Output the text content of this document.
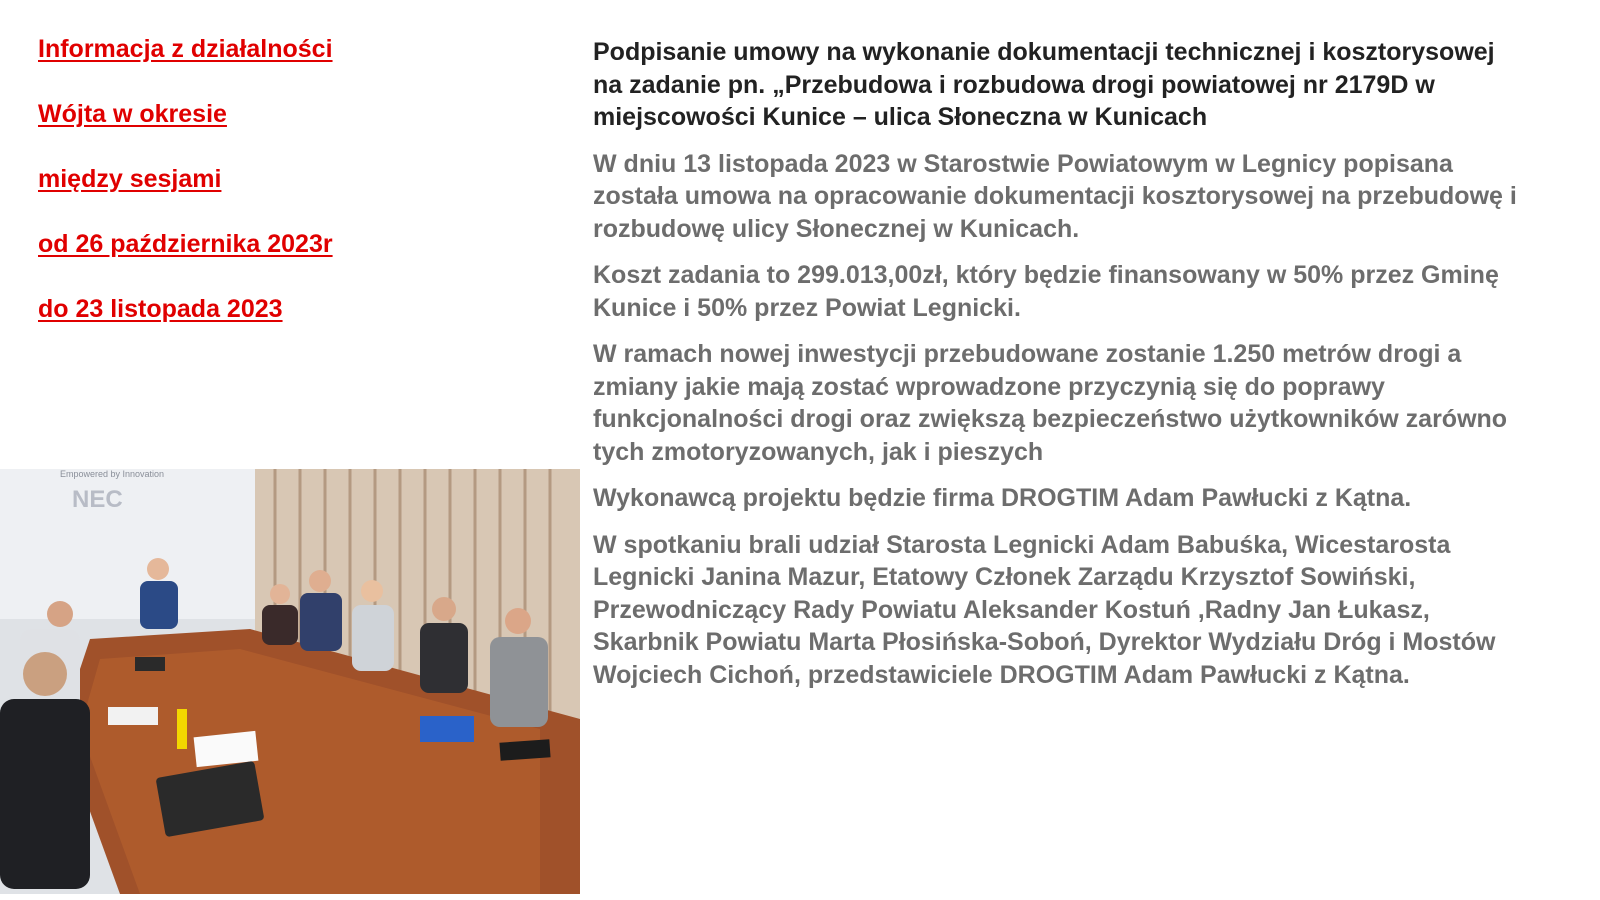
Informacja z działalności
Wójta w okresie
między sesjami
od 26 października 2023r
do 23 listopada 2023

Podpisanie umowy na wykonanie dokumentacji technicznej i kosztorysowej na zadanie pn. „Przebudowa i rozbudowa drogi powiatowej nr 2179D w miejscowości Kunice – ulica Słoneczna w Kunicach

W dniu 13 listopada 2023 w Starostwie Powiatowym w Legnicy popisana została umowa na opracowanie dokumentacji kosztorysowej na przebudowę i rozbudowę ulicy Słonecznej w Kunicach.

Koszt zadania to 299.013,00zł, który będzie finansowany w 50% przez Gminę Kunice i 50% przez Powiat Legnicki.

W ramach nowej inwestycji przebudowane zostanie 1.250 metrów drogi a zmiany jakie mają zostać wprowadzone przyczynią się do poprawy funkcjonalności drogi oraz zwiększą bezpieczeństwo użytkowników zarówno tych zmotoryzowanych, jak i pieszych

Wykonawcą projektu będzie firma DROGTIM Adam Pawłucki z Kątna.

W spotkaniu brali udział Starosta Legnicki Adam Babuśka, Wicestarosta Legnicki Janina Mazur, Etatowy Członek Zarządu Krzysztof Sowiński, Przewodniczący Rady Powiatu Aleksander Kostuń ,Radny Jan Łukasz, Skarbnik Powiatu Marta Płosińska-Soboń, Dyrektor Wydziału Dróg i Mostów Wojciech Cichoń, przedstawiciele DROGTIM Adam Pawłucki z Kątna.

Empowered by Innovation
NEC
